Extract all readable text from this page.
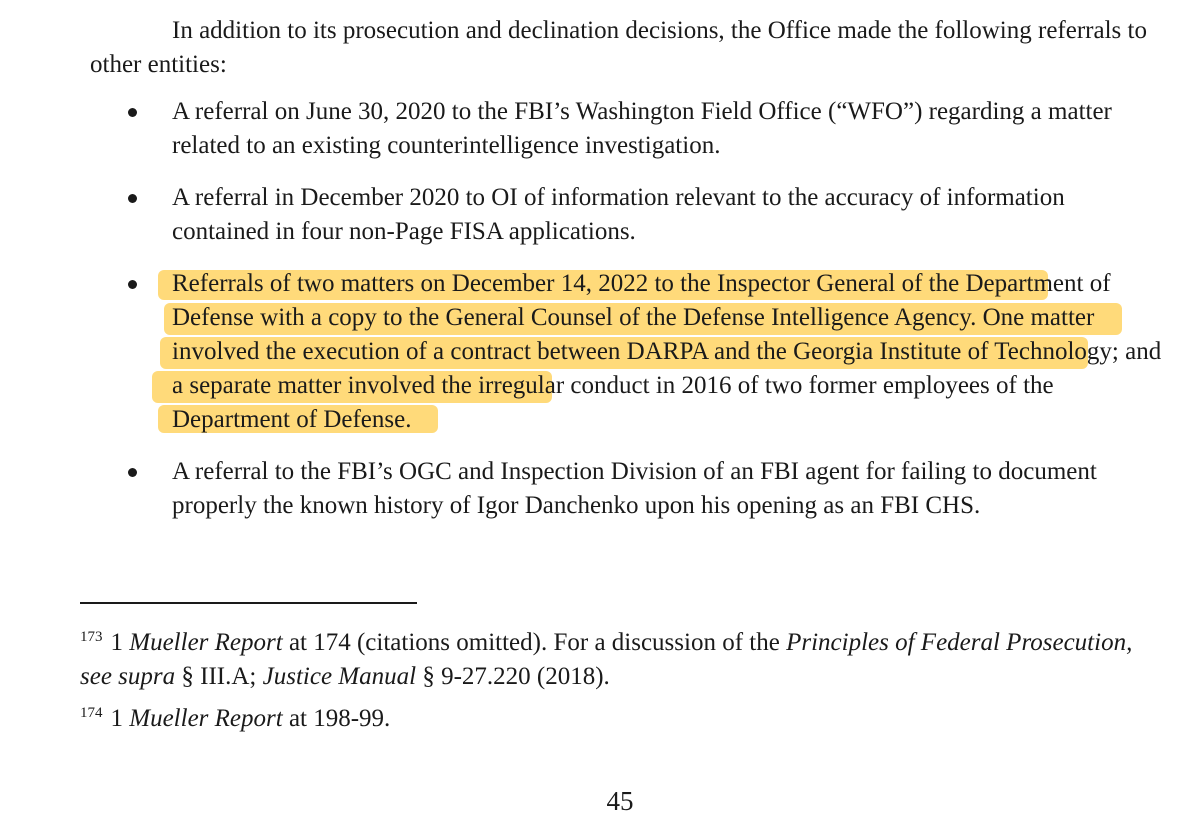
In addition to its prosecution and declination decisions, the Office made the following referrals to other entities:

A referral on June 30, 2020 to the FBI’s Washington Field Office (“WFO”) regarding a matter related to an existing counterintelligence investigation.
A referral in December 2020 to OI of information relevant to the accuracy of information contained in four non-Page FISA applications.
Referrals of two matters on December 14, 2022 to the Inspector General of the Department of Defense with a copy to the General Counsel of the Defense Intelligence Agency. One matter involved the execution of a contract between DARPA and the Georgia Institute of Technology; and a separate matter involved the irregular conduct in 2016 of two former employees of the Department of Defense.
A referral to the FBI’s OGC and Inspection Division of an FBI agent for failing to document properly the known history of Igor Danchenko upon his opening as an FBI CHS.

$^{173}$ 1 Mueller Report at 174 (citations omitted). For a discussion of the Principles of Federal Prosecution, see supra § III.A; Justice Manual § 9-27.220 (2018).

$^{174}$ 1 Mueller Report at 198-99.

45
